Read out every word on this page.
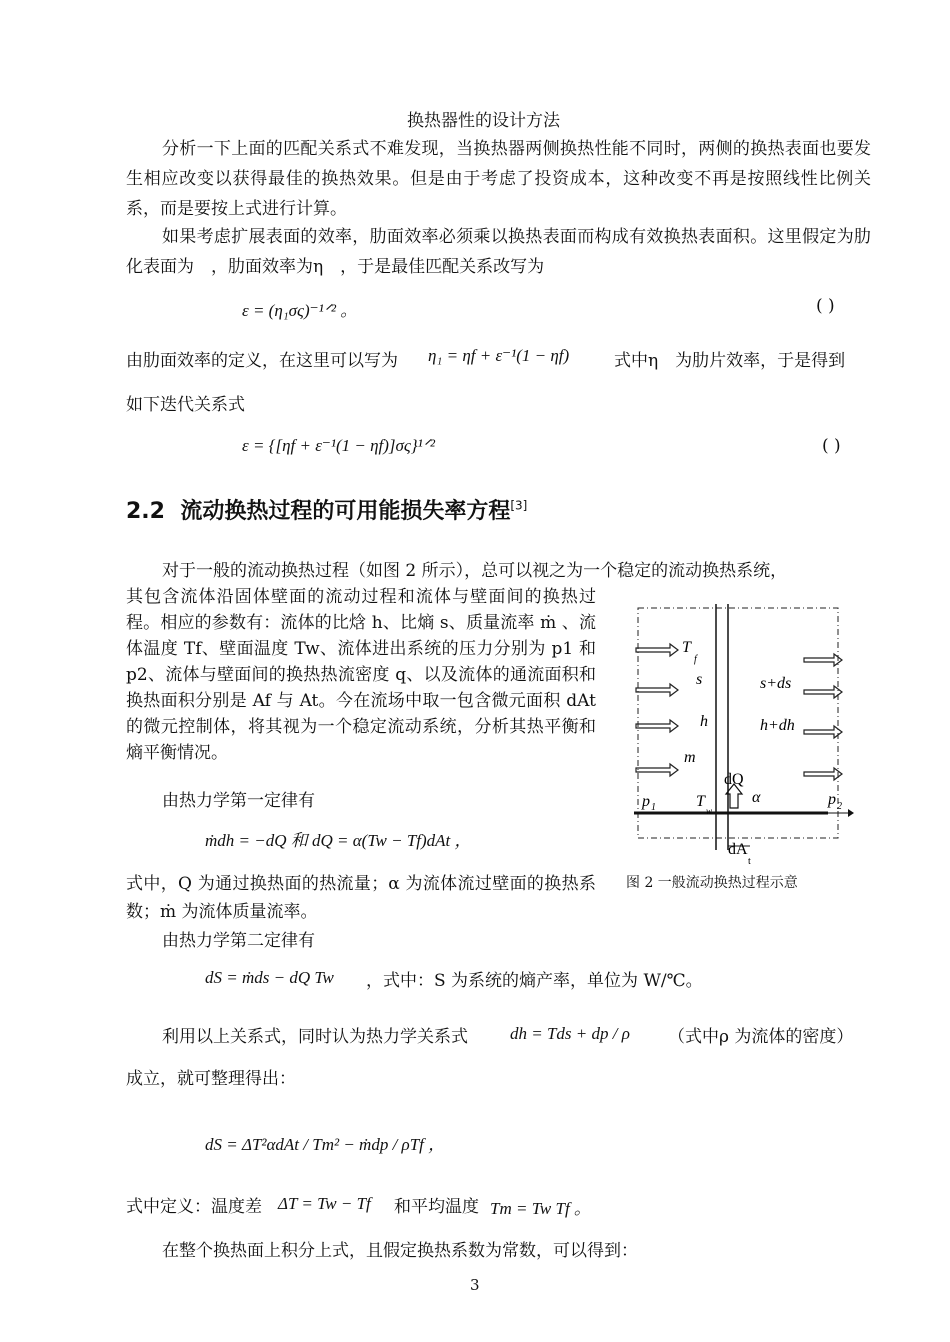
换热器性的设计方法
分析一下上面的匹配关系式不难发现，当换热器两侧换热性能不同时，两侧的换热表面也要发生相应改变以获得最佳的换热效果。但是由于考虑了投资成本，这种改变不再是按照线性比例关系，而是要按上式进行计算。
如果考虑扩展表面的效率，肋面效率必须乘以换热表面而构成有效换热表面积。这里假定为肋化表面为　，肋面效率为η　，于是最佳匹配关系改写为
ε = (η₁σς)⁻¹ᐟ² 。	( )
由肋面效率的定义，在这里可以写为 η₁ = ηf + ε⁻¹(1 − ηf)	式中η　为肋片效率，于是得到
如下迭代关系式
ε = {[ηf + ε⁻¹(1 − ηf)]σς}¹ᐟ²	( )
2.2 流动换热过程的可用能损失率方程[3]
对于一般的流动换热过程（如图 2 所示），总可以视之为一个稳定的流动换热系统，
其包含流体沿固体壁面的流动过程和流体与壁面间的换热过程。相应的参数有：流体的比焓 h、比熵 s、质量流率 ṁ 、流体温度 Tf、壁面温度 Tw、流体进出系统的压力分别为 p1 和 p2、流体与壁面间的换热热流密度 q、以及流体的通流面积和换热面积分别是 Af 与 At。今在流场中取一包含微元面积 dAt 的微元控制体，将其视为一个稳定流动系统，分析其热平衡和熵平衡情况。
由热力学第一定律有
ṁdh = −dQ 和 dQ = α(Tw − Tf)dAt ，
式中，Q 为通过换热面的热流量；α 为流体流过壁面的换热系数；ṁ 为流体质量流率。
T
f
s	s+ds
h	h+dh
m
dQ
α
p 1	T
w
p 2
dA
t
图 2 一般流动换热过程示意
由热力学第二定律有
dS = ṁds − dQ Tw ，式中：S 为系统的熵产率，单位为 W/℃。
利用以上关系式，同时认为热力学关系式 dh = Tds + dp / ρ （式中ρ 为流体的密度）
成立，就可整理得出：
dS = ΔT²αdAt / Tm² − ṁdp / ρTf ，
式中定义：温度差 ΔT = Tw − Tf 和平均温度 Tm = Tw Tf 。
在整个换热面上积分上式，且假定换热系数为常数，可以得到：
3
